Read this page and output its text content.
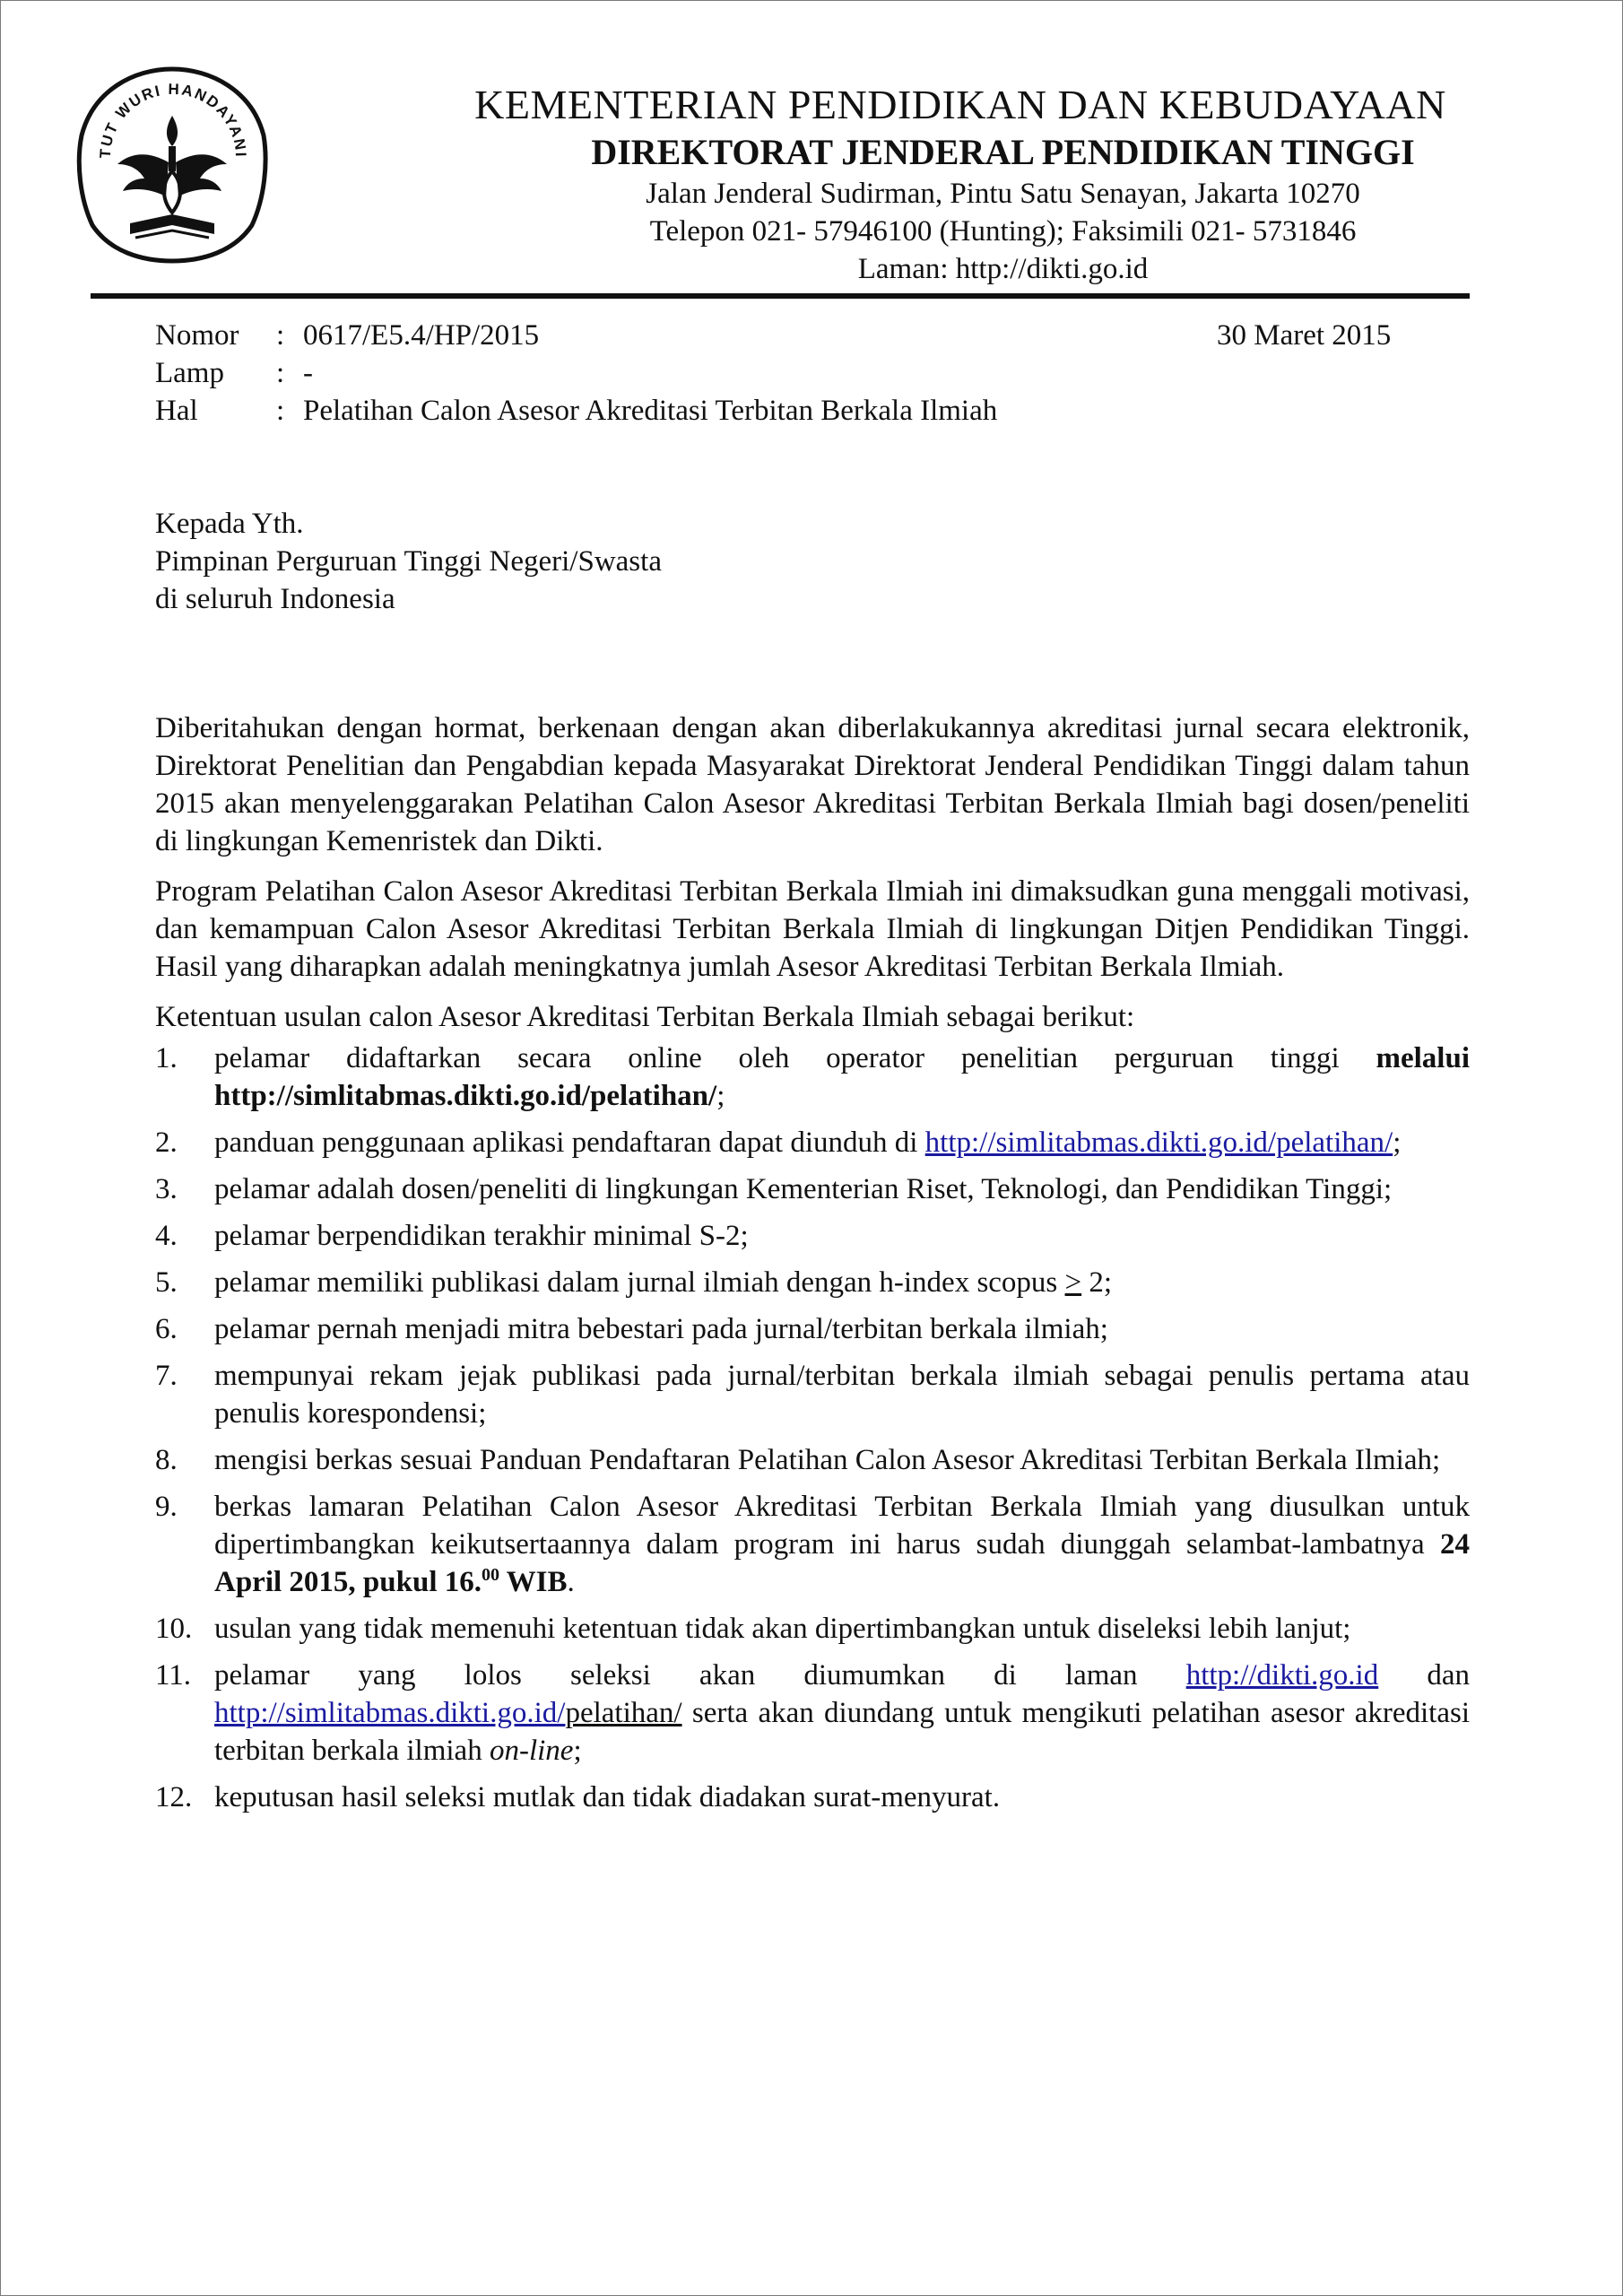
TUT WURI HANDAYANI
KEMENTERIAN PENDIDIKAN DAN KEBUDAYAAN
DIREKTORAT JENDERAL PENDIDIKAN TINGGI
Jalan Jenderal Sudirman, Pintu Satu Senayan, Jakarta 10270
Telepon 021- 57946100 (Hunting); Faksimili 021- 5731846
Laman: http://dikti.go.id
Nomor	: 0617/E5.4/HP/2015
Lamp	: -
Hal	: Pelatihan Calon Asesor Akreditasi Terbitan Berkala Ilmiah
30 Maret 2015
Kepada Yth.
Pimpinan Perguruan Tinggi Negeri/Swasta
di seluruh Indonesia

Diberitahukan dengan hormat, berkenaan dengan akan diberlakukannya akreditasi jurnal secara elektronik, Direktorat Penelitian dan Pengabdian kepada Masyarakat Direktorat Jenderal Pendidikan Tinggi dalam tahun 2015 akan menyelenggarakan Pelatihan Calon Asesor Akreditasi Terbitan Berkala Ilmiah bagi dosen/peneliti di lingkungan Kemenristek dan Dikti.

Program Pelatihan Calon Asesor Akreditasi Terbitan Berkala Ilmiah ini dimaksudkan guna menggali motivasi, dan kemampuan Calon Asesor Akreditasi Terbitan Berkala Ilmiah di lingkungan Ditjen Pendidikan Tinggi. Hasil yang diharapkan adalah meningkatnya jumlah Asesor Akreditasi Terbitan Berkala Ilmiah.

Ketentuan usulan calon Asesor Akreditasi Terbitan Berkala Ilmiah sebagai berikut:

1.	pelamar didaftarkan secara online oleh operator penelitian perguruan tinggi melalui http://simlitabmas.dikti.go.id/pelatihan/;
2.	panduan penggunaan aplikasi pendaftaran dapat diunduh di http://simlitabmas.dikti.go.id/pelatihan/;
3.	pelamar adalah dosen/peneliti di lingkungan Kementerian Riset, Teknologi, dan Pendidikan Tinggi;
4.	pelamar berpendidikan terakhir minimal S-2;
5.	pelamar memiliki publikasi dalam jurnal ilmiah dengan h-index scopus ≥ 2;
6.	pelamar pernah menjadi mitra bebestari pada jurnal/terbitan berkala ilmiah;
7.	mempunyai rekam jejak publikasi pada jurnal/terbitan berkala ilmiah sebagai penulis pertama atau penulis korespondensi;
8.	mengisi berkas sesuai Panduan Pendaftaran Pelatihan Calon Asesor Akreditasi Terbitan Berkala Ilmiah;
9.	berkas lamaran Pelatihan Calon Asesor Akreditasi Terbitan Berkala Ilmiah yang diusulkan untuk dipertimbangkan keikutsertaannya dalam program ini harus sudah diunggah selambat-lambatnya 24 April 2015, pukul 16.00 WIB.
10. usulan yang tidak memenuhi ketentuan tidak akan dipertimbangkan untuk diseleksi lebih lanjut;
11. pelamar yang lolos seleksi akan diumumkan di laman http://dikti.go.id dan http://simlitabmas.dikti.go.id/pelatihan/ serta akan diundang untuk mengikuti pelatihan asesor akreditasi terbitan berkala ilmiah on-line;
12. keputusan hasil seleksi mutlak dan tidak diadakan surat-menyurat.
